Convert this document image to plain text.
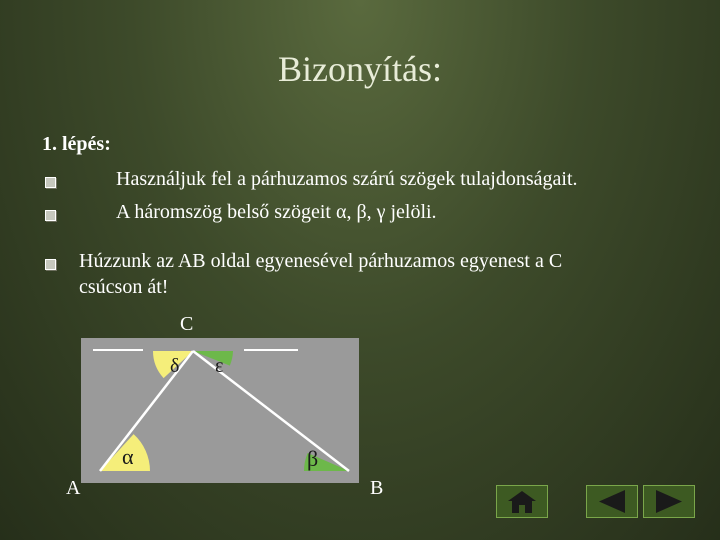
Bizonyítás:
1. lépés:
Használjuk fel a párhuzamos szárú szögek tulajdonságait.
A háromszög belső szögeit α, β, γ jelöli.
Húzzunk az AB oldal egyenesével párhuzamos egyenest a C
csúcson át!
C
A	B
δ ε
α	β
